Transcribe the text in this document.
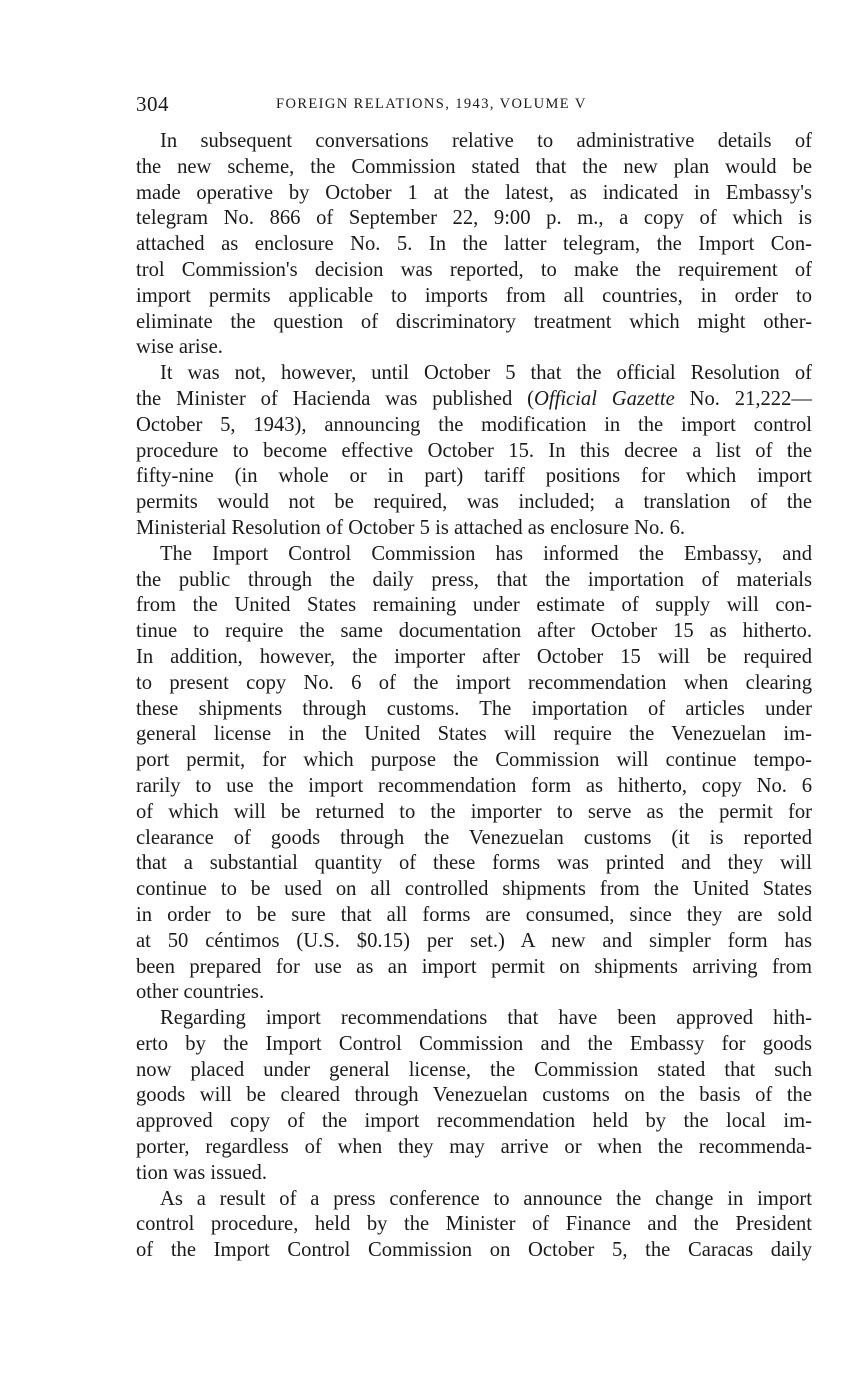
304	FOREIGN RELATIONS, 1943, VOLUME V

In subsequent conversations relative to administrative details of
the new scheme, the Commission stated that the new plan would be
made operative by October 1 at the latest, as indicated in Embassy's
telegram No. 866 of September 22, 9:00 p. m., a copy of which is
attached as enclosure No. 5. In the latter telegram, the Import Con-
trol Commission's decision was reported, to make the requirement of
import permits applicable to imports from all countries, in order to
eliminate the question of discriminatory treatment which might other-
wise arise.

It was not, however, until October 5 that the official Resolution of
the Minister of Hacienda was published (Official Gazette No. 21,222—
October 5, 1943), announcing the modification in the import control
procedure to become effective October 15. In this decree a list of the
fifty-nine (in whole or in part) tariff positions for which import
permits would not be required, was included; a translation of the
Ministerial Resolution of October 5 is attached as enclosure No. 6.

The Import Control Commission has informed the Embassy, and
the public through the daily press, that the importation of materials
from the United States remaining under estimate of supply will con-
tinue to require the same documentation after October 15 as hitherto.
In addition, however, the importer after October 15 will be required
to present copy No. 6 of the import recommendation when clearing
these shipments through customs. The importation of articles under
general license in the United States will require the Venezuelan im-
port permit, for which purpose the Commission will continue tempo-
rarily to use the import recommendation form as hitherto, copy No. 6
of which will be returned to the importer to serve as the permit for
clearance of goods through the Venezuelan customs (it is reported
that a substantial quantity of these forms was printed and they will
continue to be used on all controlled shipments from the United States
in order to be sure that all forms are consumed, since they are sold
at 50 céntimos (U.S. $0.15) per set.) A new and simpler form has
been prepared for use as an import permit on shipments arriving from
other countries.

Regarding import recommendations that have been approved hith-
erto by the Import Control Commission and the Embassy for goods
now placed under general license, the Commission stated that such
goods will be cleared through Venezuelan customs on the basis of the
approved copy of the import recommendation held by the local im-
porter, regardless of when they may arrive or when the recommenda-
tion was issued.

As a result of a press conference to announce the change in import
control procedure, held by the Minister of Finance and the President
of the Import Control Commission on October 5, the Caracas daily
